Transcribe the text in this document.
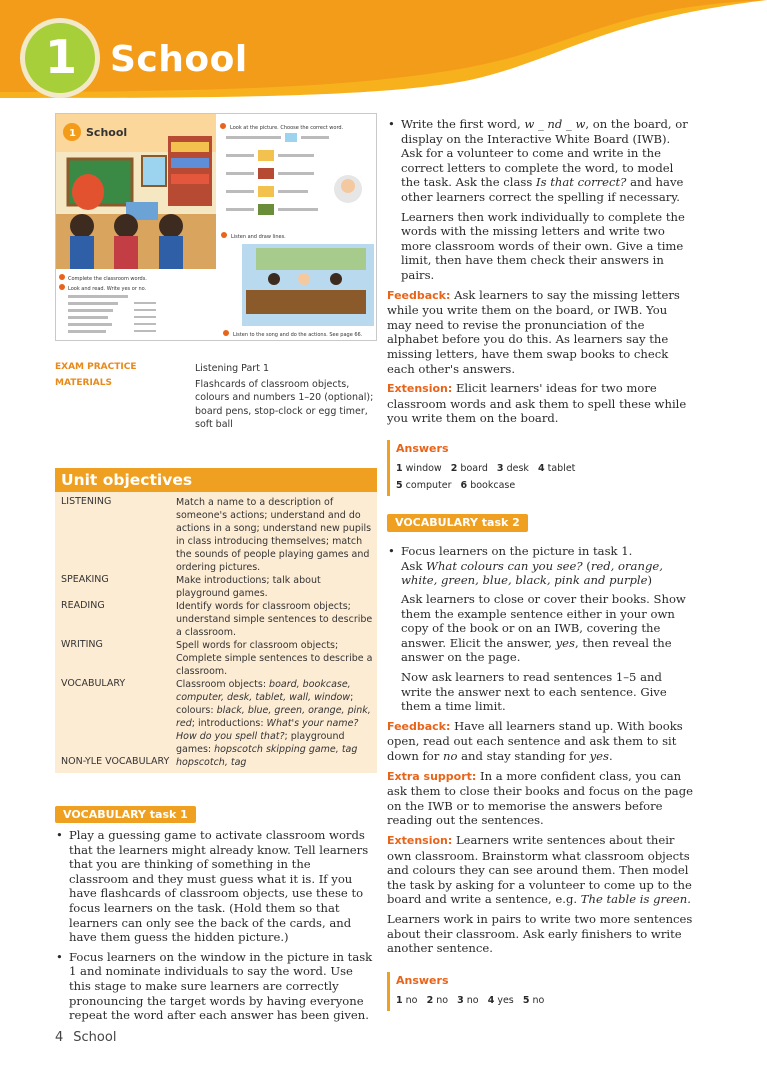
1 School
1 School
Complete the classroom words.
Look and read. Write yes or no.
Look at the picture. Choose the correct word.
Listen and draw lines.
Listen to the song and do the actions. See page 66.
EXAM PRACTICE	Listening Part 1
MATERIALS	Flashcards of classroom objects, colours and numbers 1–20 (optional); board pens, stop-clock or egg timer, soft ball
Unit objectives
LISTENING	Match a name to a description of someone's actions; understand and do actions in a song; understand new pupils in class introducing themselves; match the sounds of people playing games and ordering pictures.
SPEAKING	Make introductions; talk about playground games.
READING	Identify words for classroom objects; understand simple sentences to describe a classroom.
WRITING	Spell words for classroom objects; Complete simple sentences to describe a classroom.
VOCABULARY	Classroom objects: board, bookcase, computer, desk, tablet, wall, window; colours: black, blue, green, orange, pink, red; introductions: What's your name? How do you spell that?; playground games: hopscotch skipping game, tag
NON-YLE VOCABULARY hopscotch, tag
VOCABULARY task 1
• Play a guessing game to activate classroom words that the learners might already know. Tell learners that you are thinking of something in the classroom and they must guess what it is. If you have flashcards of classroom objects, use these to focus learners on the task. (Hold them so that learners can only see the back of the cards, and have them guess the hidden picture.)
• Focus learners on the window in the picture in task 1 and nominate individuals to say the word. Use this stage to make sure learners are correctly pronouncing the target words by having everyone repeat the word after each answer has been given.
4 School
• Write the first word, w _ nd _ w, on the board, or display on the Interactive White Board (IWB). Ask for a volunteer to come and write in the correct letters to complete the word, to model the task. Ask the class Is that correct? and have other learners correct the spelling if necessary.

Learners then work individually to complete the words with the missing letters and write two more classroom words of their own. Give a time limit, then have them check their answers in pairs.

Feedback: Ask learners to say the missing letters while you write them on the board, or IWB. You may need to revise the pronunciation of the alphabet before you do this. As learners say the missing letters, have them swap books to check each other's answers.

Extension: Elicit learners' ideas for two more classroom words and ask them to spell these while you write them on the board.

Answers
1 window 2 board 3 desk 4 tablet
5 computer 6 bookcase
VOCABULARY task 2
• Focus learners on the picture in task 1.
Ask What colours can you see? (red, orange, white, green, blue, black, pink and purple)

Ask learners to close or cover their books. Show them the example sentence either in your own copy of the book or on an IWB, covering the answer. Elicit the answer, yes, then reveal the answer on the page.

Now ask learners to read sentences 1–5 and write the answer next to each sentence. Give them a time limit.

Feedback: Have all learners stand up. With books open, read out each sentence and ask them to sit down for no and stay standing for yes.

Extra support: In a more confident class, you can ask them to close their books and focus on the page on the IWB or to memorise the answers before reading out the sentences.

Extension: Learners write sentences about their own classroom. Brainstorm what classroom objects and colours they can see around them. Then model the task by asking for a volunteer to come up to the board and write a sentence, e.g. The table is green.

Learners work in pairs to write two more sentences about their classroom. Ask early finishers to write another sentence.

Answers
1 no 2 no 3 no 4 yes 5 no
